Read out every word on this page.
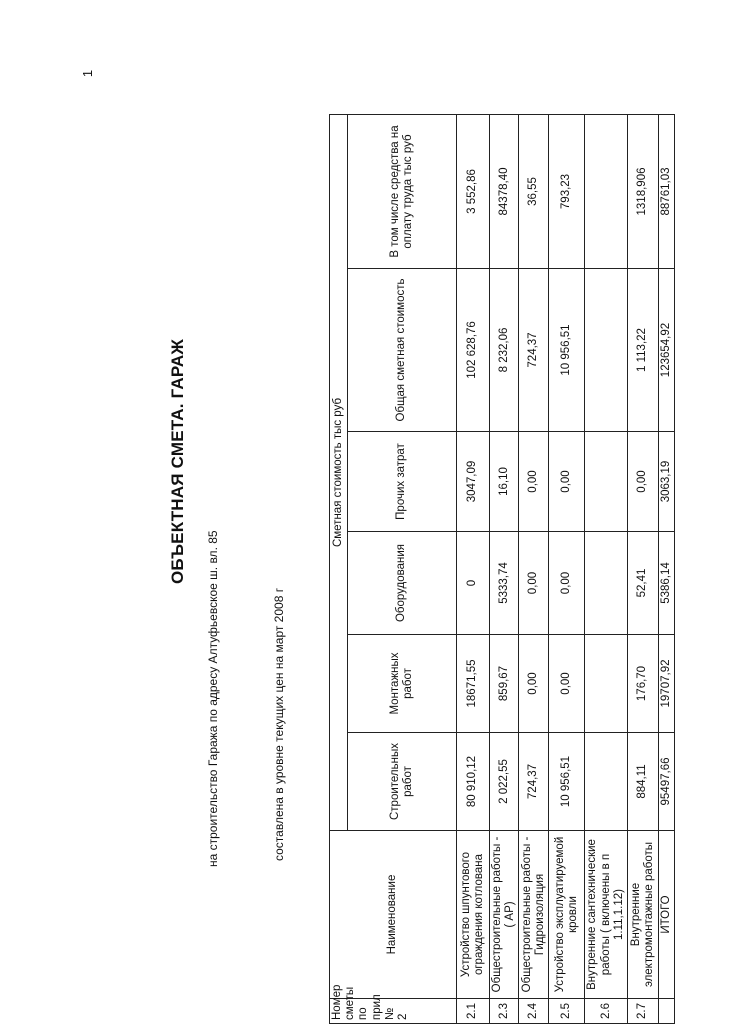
1
ОБЪЕКТНАЯ СМЕТА. ГАРАЖ
на строительство Гаража по адресу Алтуфьевское ш. вл. 85	составлена в уровне текущих цен на март 2008 г
Номер сметы по прил № 2	Наименование	Сметная стоимость тыс руб					
		Строительных работ	Монтажных работ	Оборудования	Прочих затрат	Общая сметная стоимость	В том числе средства на оплату труда тыс руб
2.1	Устройство шпунтового ограждения котлована	80 910,12	18671,55	0	3047,09	102 628,76	3 552,86
2.3	Общестроительные работы - ( АР)	2 022,55	859,67	5333,74	16,10	8 232,06	84378,40
2.4	Общестроительные работы - Гидроизоляция	724,37	0,00	0,00	0,00	724,37	36,55
2.5	Устройство эксплуатируемой кровли	10 956,51	0,00	0,00	0,00	10 956,51	793,23
2.6	Внутренние сантехнические работы ( включены в п 1.11,1.12)						
2.7	Внутренние электромонтажные работы	884,11	176,70	52,41	0,00	1 113,22	1318,906
	ИТОГО	95497,66	19707,92	5386,14	3063,19	123654,92	88761,03
